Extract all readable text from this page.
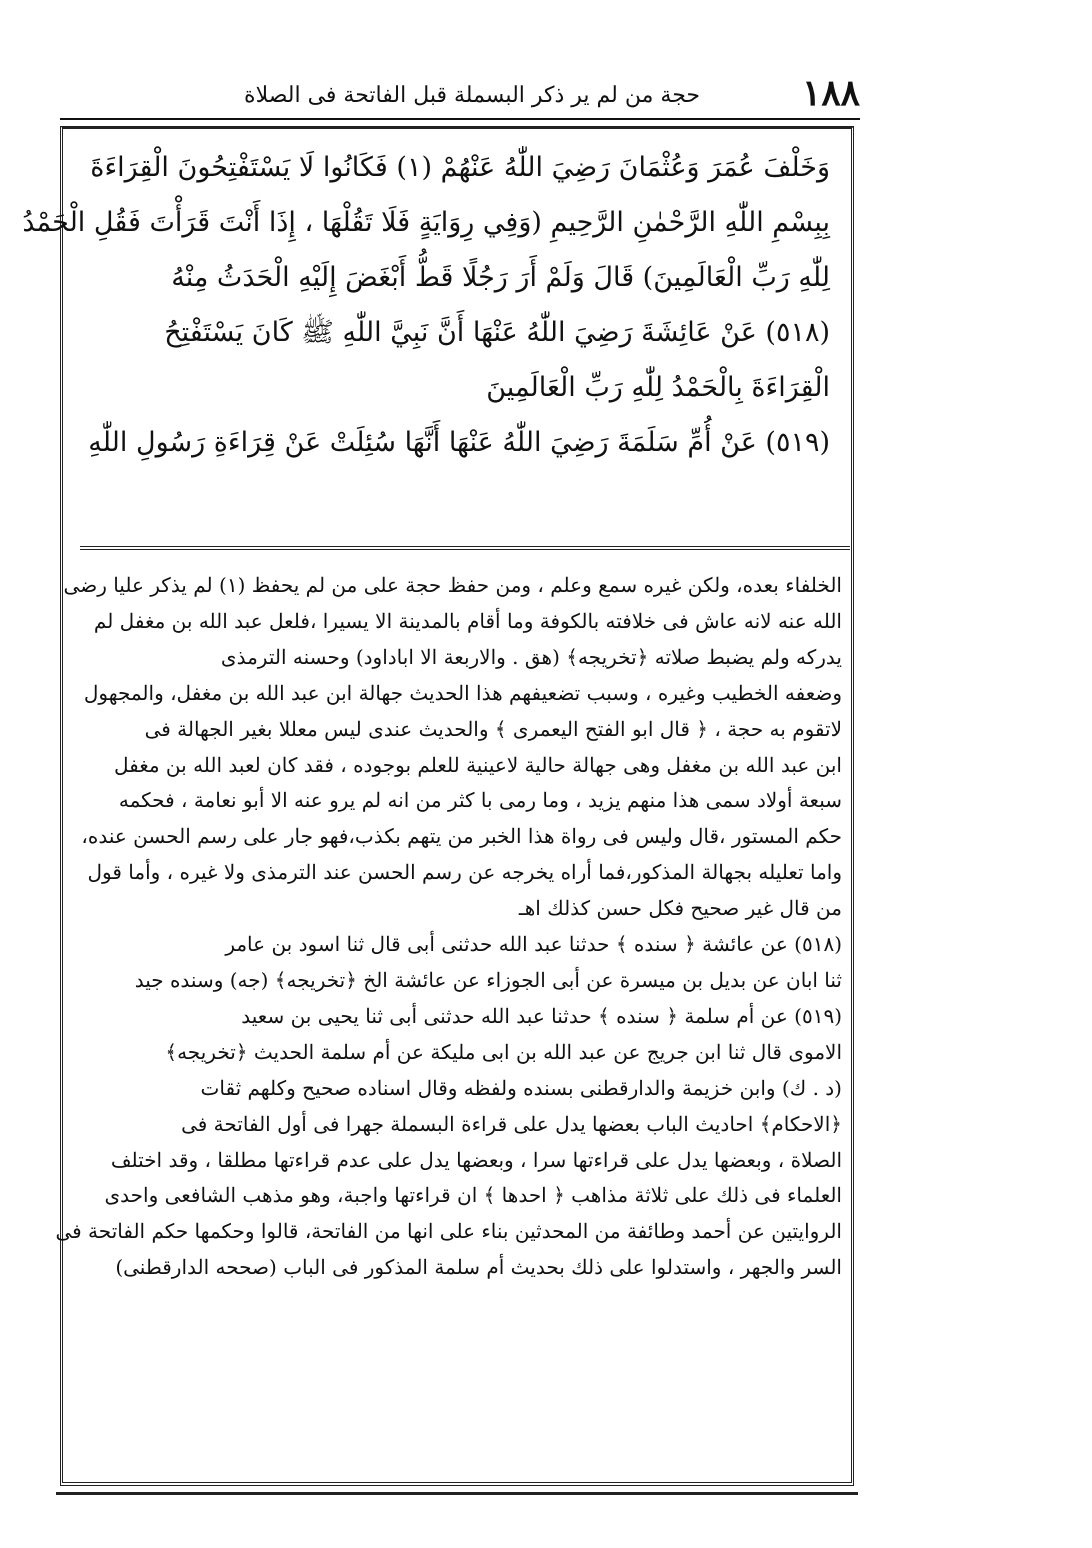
١٨٨
حجة من لم ير ذكر البسملة قبل الفاتحة فى الصلاة
وَخَلْفَ عُمَرَ وَعُثْمَانَ رَضِيَ اللّٰهُ عَنْهُمْ (١) فَكَانُوا لَا يَسْتَفْتِحُونَ الْقِرَاءَةَ
بِبِسْمِ اللّٰهِ الرَّحْمٰنِ الرَّحِيمِ (وَفِي رِوَايَةٍ فَلَا تَقُلْهَا ، إِذَا أَنْتَ قَرَأْتَ فَقُلِ الْحَمْدُ
لِلّٰهِ رَبِّ الْعَالَمِينَ) قَالَ وَلَمْ أَرَ رَجُلًا قَطُّ أَبْغَضَ إِلَيْهِ الْحَدَثُ مِنْهُ
(٥١٨) عَنْ عَائِشَةَ رَضِيَ اللّٰهُ عَنْهَا أَنَّ نَبِيَّ اللّٰهِ ﷺ كَانَ يَسْتَفْتِحُ
الْقِرَاءَةَ بِالْحَمْدُ لِلّٰهِ رَبِّ الْعَالَمِينَ
(٥١٩) عَنْ أُمِّ سَلَمَةَ رَضِيَ اللّٰهُ عَنْهَا أَنَّهَا سُئِلَتْ عَنْ قِرَاءَةِ رَسُولِ اللّٰهِ
الخلفاء بعده، ولكن غيره سمع وعلم ، ومن حفظ حجة على من لم يحفظ (١) لم يذكر عليا رضى
الله عنه لانه عاش فى خلافته بالكوفة وما أقام بالمدينة الا يسيرا ،فلعل عبد الله بن مغفل لم
يدركه ولم يضبط صلاته ﴿تخريجه﴾ (هق . والاربعة الا اباداود) وحسنه الترمذى
وضعفه الخطيب وغيره ، وسبب تضعيفهم هذا الحديث جهالة ابن عبد الله بن مغفل، والمجهول
لاتقوم به حجة ، ﴿ قال ابو الفتح اليعمرى ﴾ والحديث عندى ليس معللا بغير الجهالة فى
ابن عبد الله بن مغفل وهى جهالة حالية لاعينية للعلم بوجوده ، فقد كان لعبد الله بن مغفل
سبعة أولاد سمى هذا منهم يزيد ، وما رمى با كثر من انه لم يرو عنه الا أبو نعامة ، فحكمه
حكم المستور ،قال وليس فى رواة هذا الخبر من يتهم بكذب،فهو جار على رسم الحسن عنده،
واما تعليله بجهالة المذكور،فما أراه يخرجه عن رسم الحسن عند الترمذى ولا غيره ، وأما قول
من قال غير صحيح فكل حسن كذلك اهـ
(٥١٨) عن عائشة ﴿ سنده ﴾ حدثنا عبد الله حدثنى أبى قال ثنا اسود بن عامر
ثنا ابان عن بديل بن ميسرة عن أبى الجوزاء عن عائشة الخ ﴿تخريجه﴾ (جه) وسنده جيد
(٥١٩) عن أم سلمة ﴿ سنده ﴾ حدثنا عبد الله حدثنى أبى ثنا يحيى بن سعيد
الاموى قال ثنا ابن جريج عن عبد الله بن ابى مليكة عن أم سلمة الحديث ﴿تخريجه﴾
(د . ك) وابن خزيمة والدارقطنى بسنده ولفظه وقال اسناده صحيح وكلهم ثقات
﴿الاحكام﴾ احاديث الباب بعضها يدل على قراءة البسملة جهرا فى أول الفاتحة فى
الصلاة ، وبعضها يدل على قراءتها سرا ، وبعضها يدل على عدم قراءتها مطلقا ، وقد اختلف
العلماء فى ذلك على ثلاثة مذاهب ﴿ احدها ﴾ ان قراءتها واجبة، وهو مذهب الشافعى واحدى
الروايتين عن أحمد وطائفة من المحدثين بناء على انها من الفاتحة، قالوا وحكمها حكم الفاتحة فى
السر والجهر ، واستدلوا على ذلك بحديث أم سلمة المذكور فى الباب (صححه الدارقطنى)
